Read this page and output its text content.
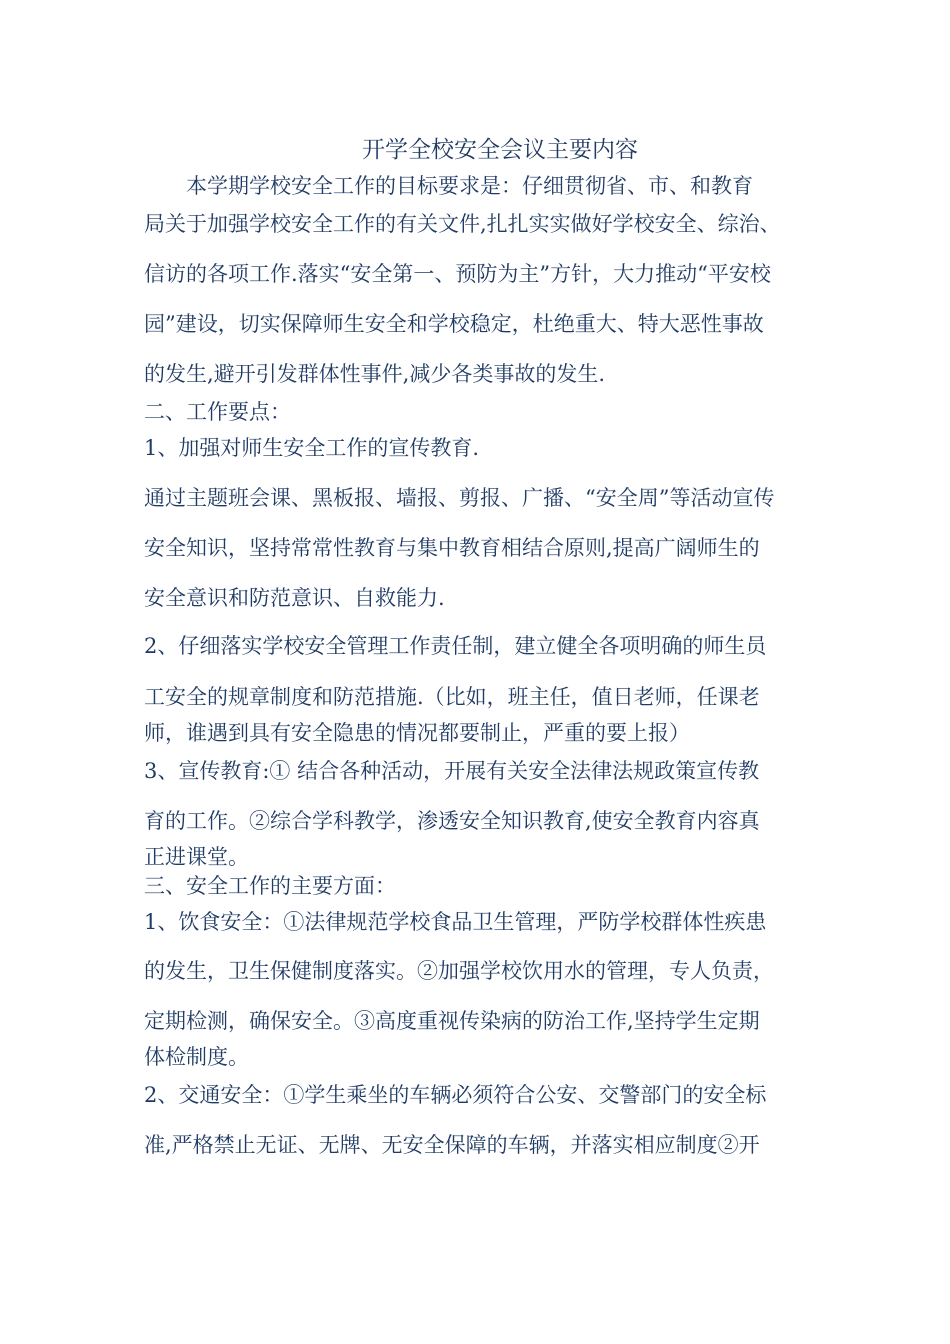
开学全校安全会议主要内容
　　本学期学校安全工作的目标要求是：仔细贯彻省、市、和教育
局关于加强学校安全工作的有关文件,扎扎实实做好学校安全、综治、
信访的各项工作.落实“安全第一、预防为主”方针，大力推动“平安校
园”建设，切实保障师生安全和学校稳定，杜绝重大、特大恶性事故
的发生,避开引发群体性事件,减少各类事故的发生.
二、工作要点：
1、加强对师生安全工作的宣传教育.
通过主题班会课、黑板报、墙报、剪报、广播、“安全周”等活动宣传
安全知识，坚持常常性教育与集中教育相结合原则,提高广阔师生的
安全意识和防范意识、自救能力.
2、仔细落实学校安全管理工作责任制，建立健全各项明确的师生员
工安全的规章制度和防范措施.（比如，班主任，值日老师，任课老
师，谁遇到具有安全隐患的情况都要制止，严重的要上报）
3、宣传教育:① 结合各种活动，开展有关安全法律法规政策宣传教
育的工作。②综合学科教学，渗透安全知识教育,使安全教育内容真
正进课堂。
三、安全工作的主要方面：
1、饮食安全：①法律规范学校食品卫生管理，严防学校群体性疾患
的发生，卫生保健制度落实。②加强学校饮用水的管理，专人负责，
定期检测，确保安全。③高度重视传染病的防治工作,坚持学生定期
体检制度。
2、交通安全：①学生乘坐的车辆必须符合公安、交警部门的安全标
准,严格禁止无证、无牌、无安全保障的车辆，并落实相应制度②开
